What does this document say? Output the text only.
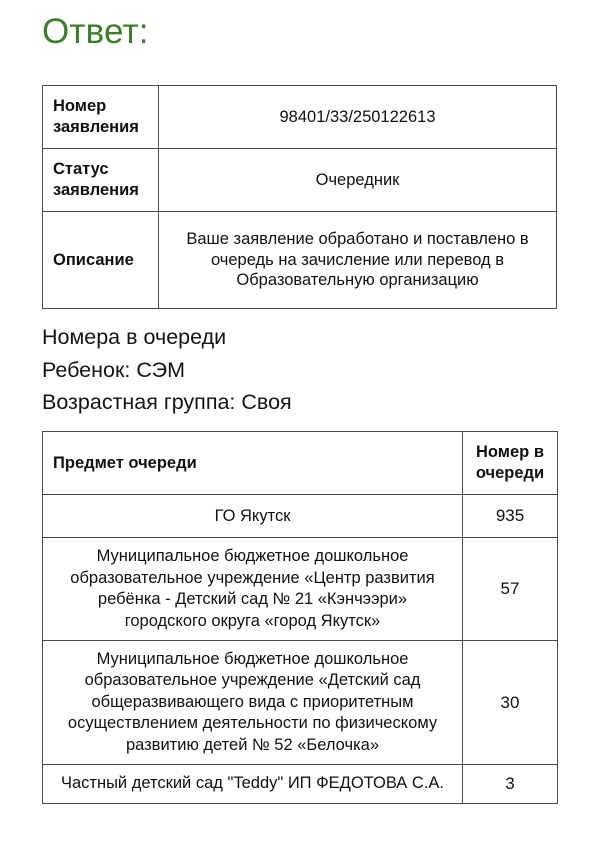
Ответ:
Номер заявления	98401/33/250122613
Статус заявления	Очередник
Описание	Ваше заявление обработано и поставлено в очередь на зачисление или перевод в Образовательную организацию
Номера в очереди
Ребенок: СЭМ
Возрастная группа: Своя
Предмет очереди	Номер в очереди
ГО Якутск	935
Муниципальное бюджетное дошкольное образовательное учреждение «Центр развития ребёнка - Детский сад № 21 «Кэнчээри» городского округа «город Якутск»	57
Муниципальное бюджетное дошкольное образовательное учреждение «Детский сад общеразвивающего вида с приоритетным осуществлением деятельности по физическому развитию детей № 52 «Белочка»	30
Частный детский сад "Teddy" ИП ФЕДОТОВА С.А.	3
